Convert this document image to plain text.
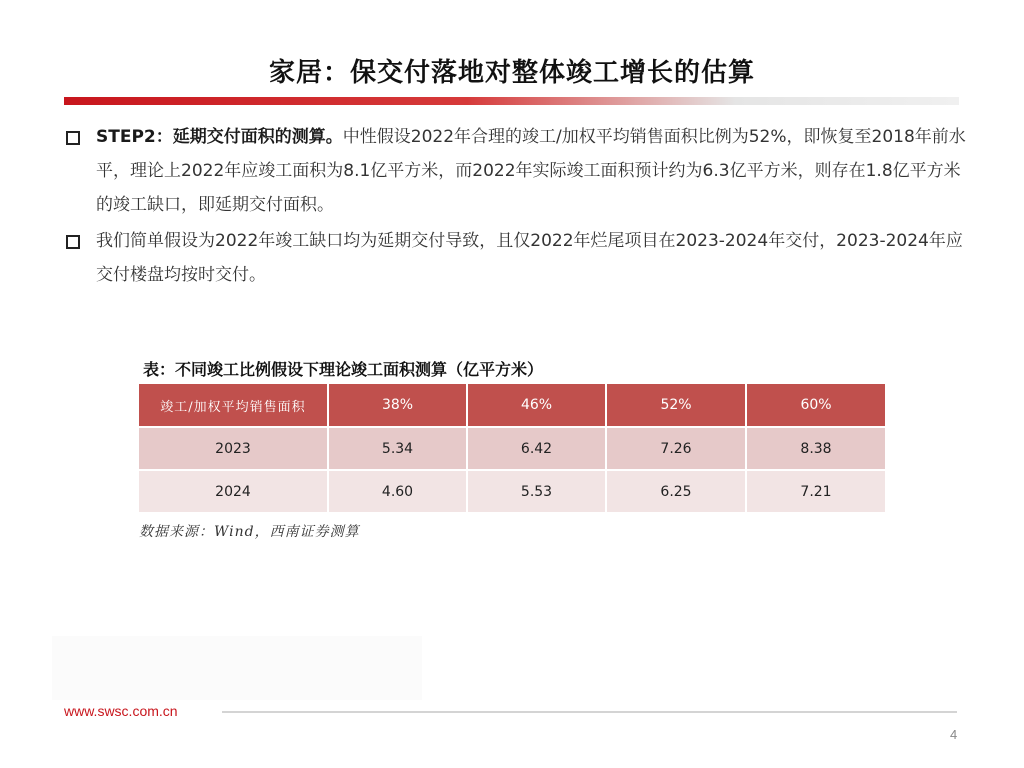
家居：保交付落地对整体竣工增长的估算
STEP2：延期交付面积的测算。中性假设2022年合理的竣工/加权平均销售面积比例为52%，即恢复至2018年前水平，理论上2022年应竣工面积为8.1亿平方米，而2022年实际竣工面积预计约为6.3亿平方米，则存在1.8亿平方米的竣工缺口，即延期交付面积。
我们简单假设为2022年竣工缺口均为延期交付导致，且仅2022年烂尾项目在2023-2024年交付，2023-2024年应交付楼盘均按时交付。
表：不同竣工比例假设下理论竣工面积测算（亿平方米）
竣工/加权平均销售面积	38%	46%	52%	60%
2023	5.34	6.42	7.26	8.38
2024	4.60	5.53	6.25	7.21
数据来源：Wind，西南证券测算
www.swsc.com.cn
4
